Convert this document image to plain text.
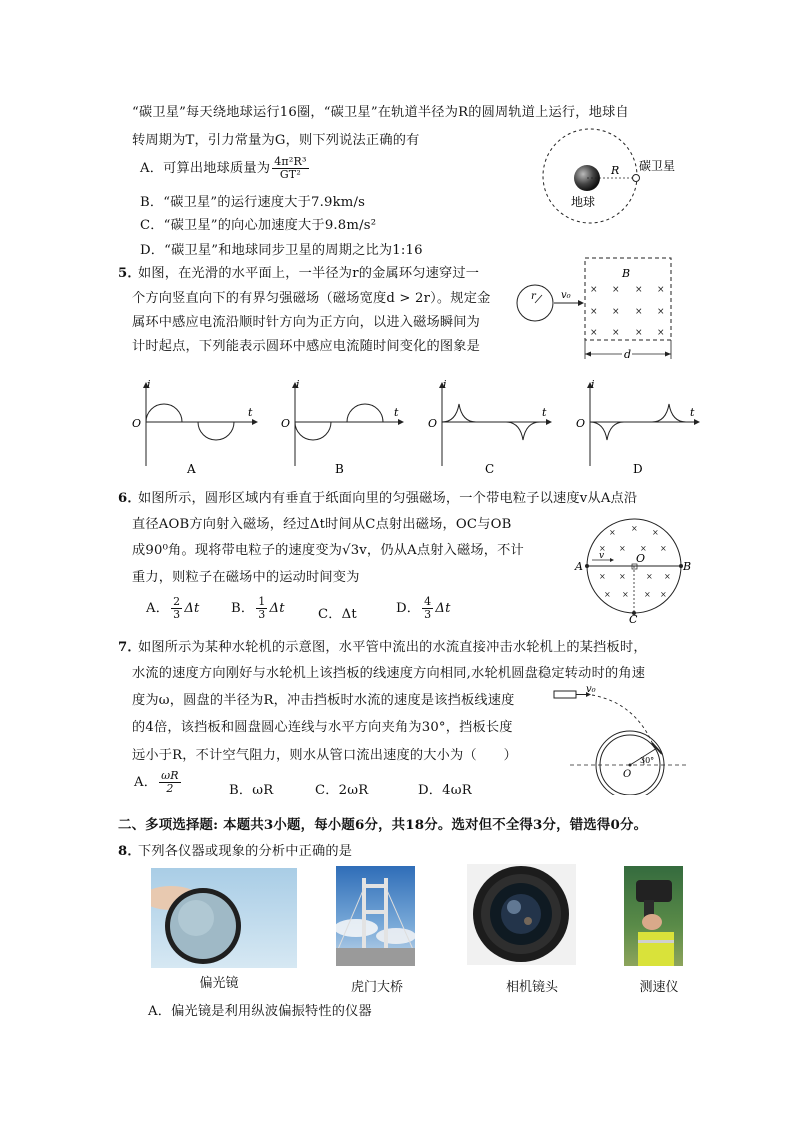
“碳卫星”每天绕地球运行16圈，“碳卫星”在轨道半径为R的圆周轨道上运行，地球自
转周期为T，引力常量为G，则下列说法正确的有
A．可算出地球质量为 $\frac{\text{4π²R³}}{\text{GT²}}$
B．“碳卫星”的运行速度大于7.9km/s
C．“碳卫星”的向心加速度大于9.8m/s²
D．“碳卫星”和地球同步卫星的周期之比为1:16
R 碳卫星
地球
5．
如图，在光滑的水平面上，一半径为r的金属环匀速穿过一
个方向竖直向下的有界匀强磁场（磁场宽度d > 2r）。规定金
属环中感应电流沿顺时针方向为正方向，以进入磁场瞬间为
计时起点，下列能表示圆环中感应电流随时间变化的图象是
r	v₀
B
× × × ×
× × × ×
× × × ×
d
i
t
O
i
t
O
i
t
O
i
t
O
A	B	C	D
6．
如图所示，圆形区域内有垂直于纸面向里的匀强磁场，一个带电粒子以速度v从A点沿
直径AOB方向射入磁场，经过Δt时间从C点射出磁场，OC与OB
成90⁰角。现将带电粒子的速度变为√3v，仍从A点射入磁场，不计
重力，则粒子在磁场中的运动时间变为
A． $\frac{2}{3}$ Δt B． $\frac{1}{3}$ Δt	C．Δt	D． $\frac{4}{3}$ Δt
× × ×
× × × ×
× ×	× ×
× × × ×
A	B
C
O
v
7．
如图所示为某种水轮机的示意图，水平管中流出的水流直接冲击水轮机上的某挡板时，
水流的速度方向刚好与水轮机上该挡板的线速度方向相同,水轮机圆盘稳定转动时的角速
度为ω，圆盘的半径为R，冲击挡板时水流的速度是该挡板线速度
的4倍，该挡板和圆盘圆心连线与水平方向夹角为30°，挡板长度
远小于R，不计空气阻力，则水从管口流出速度的大小为（　　）
A． $\frac{\omega R}{2}$	B．ωR	C．2ωR	D．4ωR
v₀
30°
O
二、多项选择题: 本题共3小题，每小题6分，共18分。选对但不全得3分，错选得0分。
8．
下列各仪器或现象的分析中正确的是
偏光镜	虎门大桥	相机镜头	测速仪
A．偏光镜是利用纵波偏振特性的仪器
